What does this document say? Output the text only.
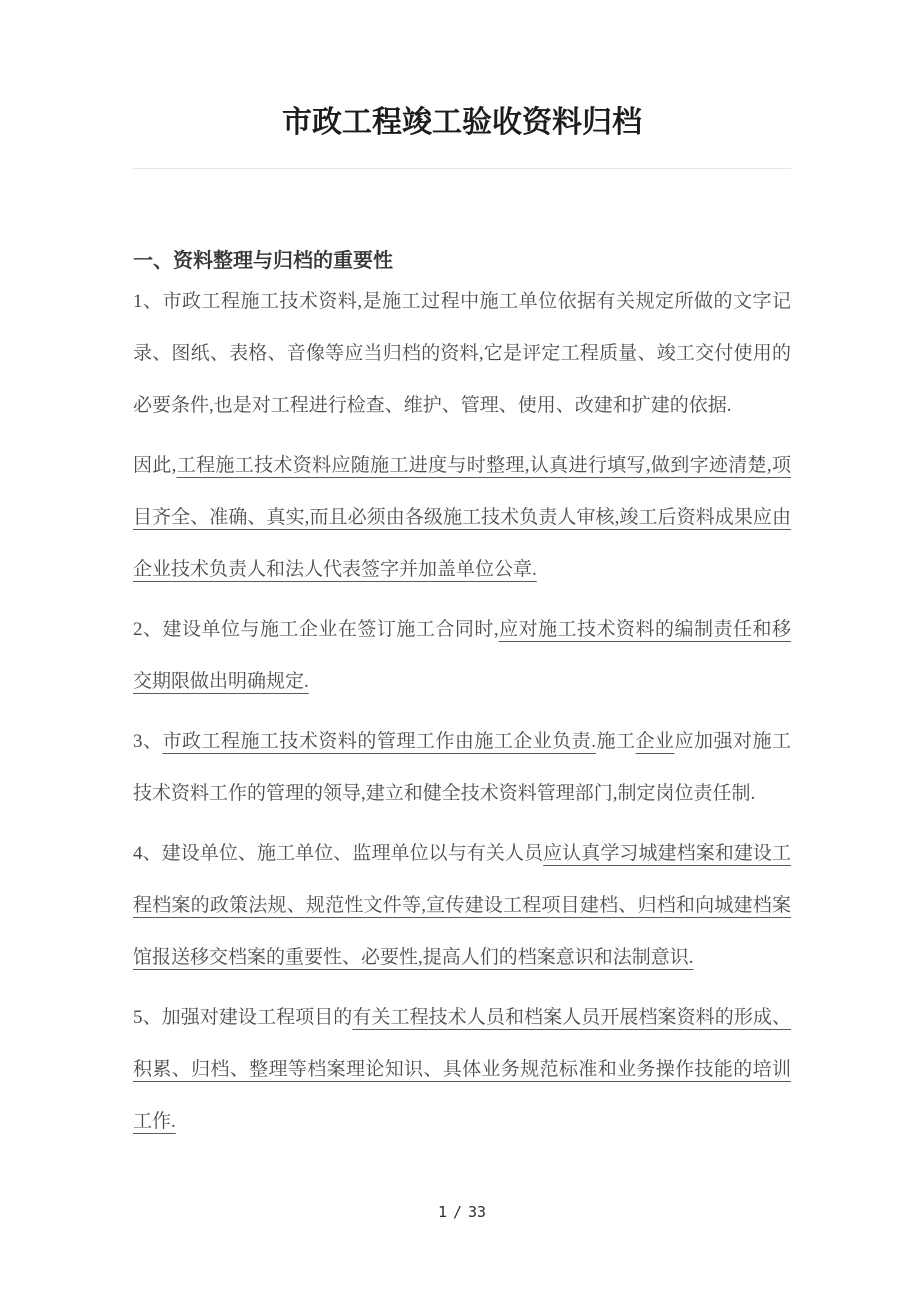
市政工程竣工验收资料归档
一、资料整理与归档的重要性

1、市政工程施工技术资料,是施工过程中施工单位依据有关规定所做的文字记录、图纸、表格、音像等应当归档的资料,它是评定工程质量、竣工交付使用的必要条件,也是对工程进行检查、维护、管理、使用、改建和扩建的依据.

因此,工程施工技术资料应随施工进度与时整理,认真进行填写,做到字迹清楚,项目齐全、准确、真实,而且必须由各级施工技术负责人审核,竣工后资料成果应由企业技术负责人和法人代表签字并加盖单位公章.

2、建设单位与施工企业在签订施工合同时,应对施工技术资料的编制责任和移交期限做出明确规定.

3、市政工程施工技术资料的管理工作由施工企业负责.施工企业应加强对施工技术资料工作的管理的领导,建立和健全技术资料管理部门,制定岗位责任制.

4、建设单位、施工单位、监理单位以与有关人员应认真学习城建档案和建设工程档案的政策法规、规范性文件等,宣传建设工程项目建档、归档和向城建档案馆报送移交档案的重要性、必要性,提高人们的档案意识和法制意识.

5、加强对建设工程项目的有关工程技术人员和档案人员开展档案资料的形成、积累、归档、整理等档案理论知识、具体业务规范标准和业务操作技能的培训工作.

1 / 33
